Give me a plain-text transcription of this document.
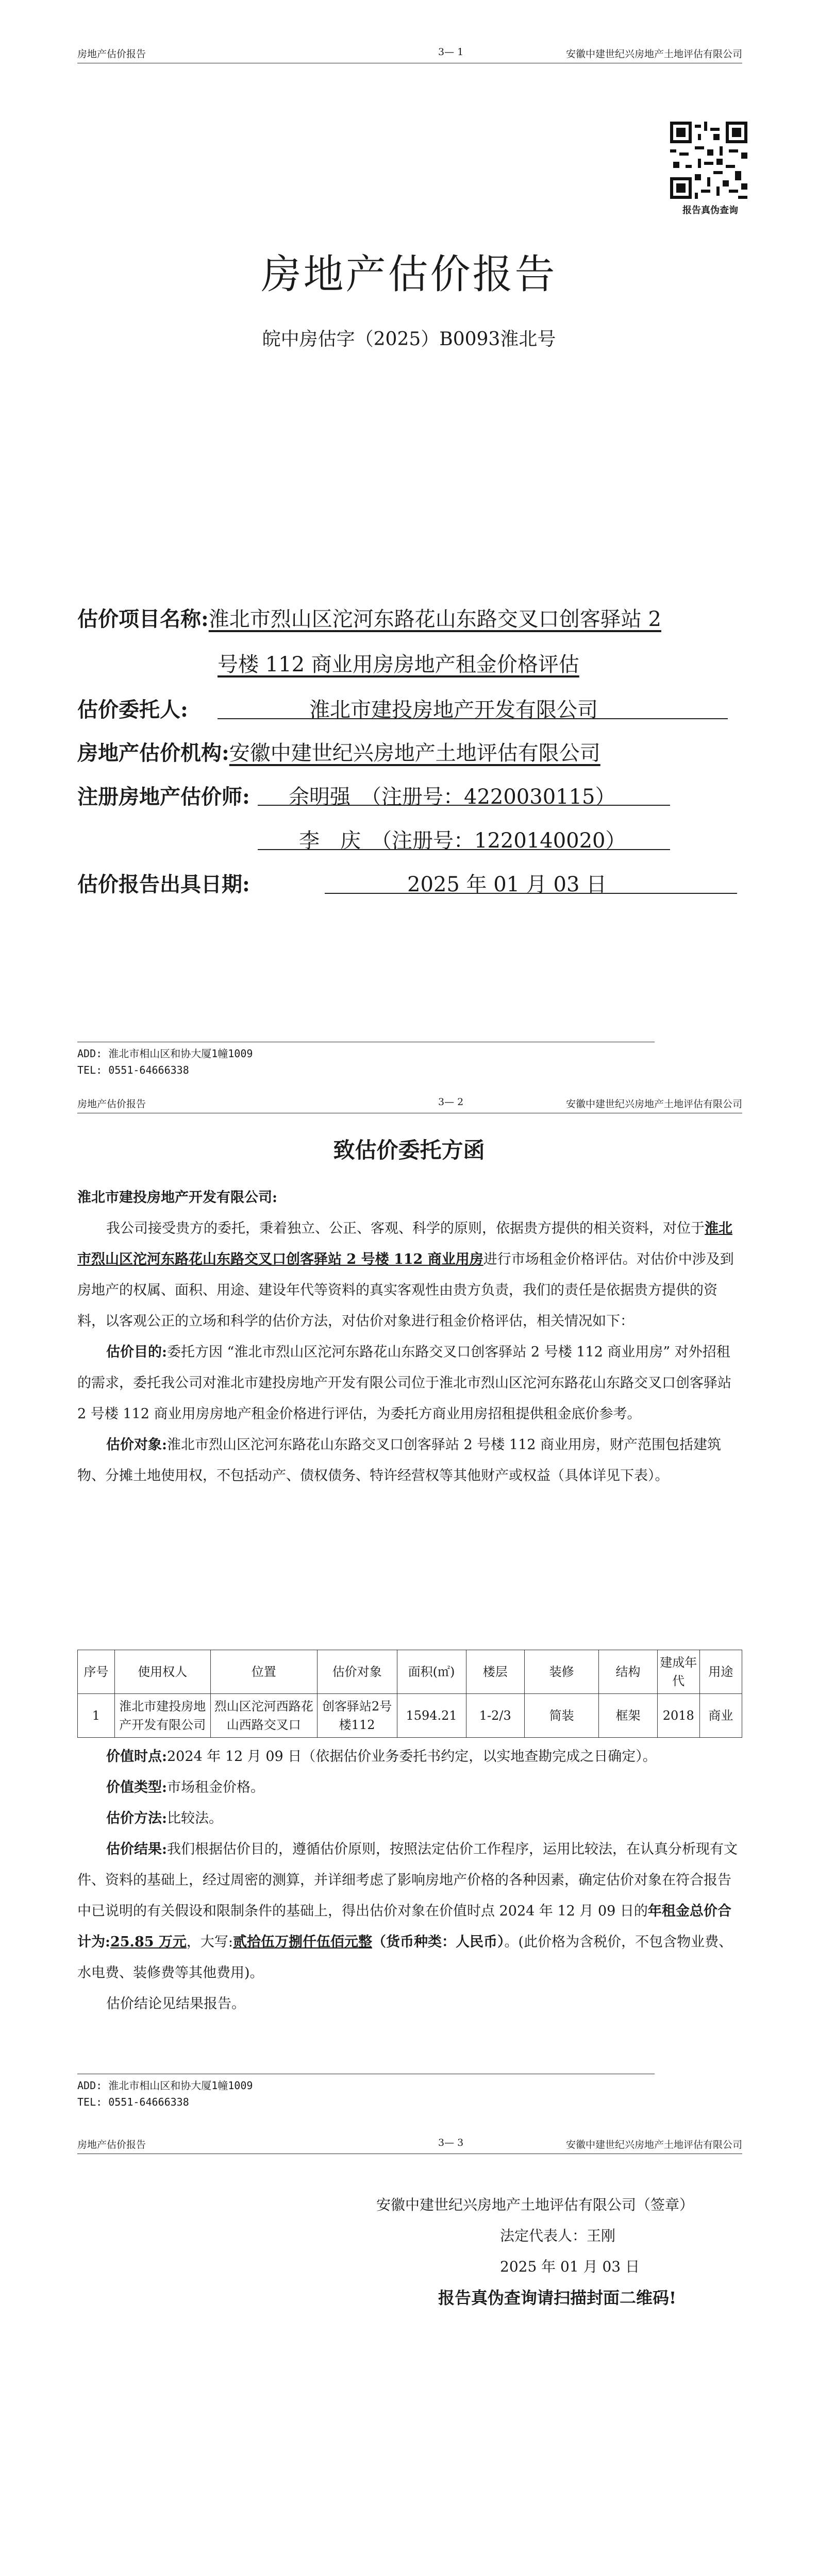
房地产估价报告	3— 1	安徽中建世纪兴房地产土地评估有限公司
报告真伪查询
房地产估价报告
皖中房估字（2025）B0093淮北号
估价项目名称:淮北市烈山区沱河东路花山东路交叉口创客驿站 2
号楼 112 商业用房房地产租金价格评估
估价委托人:	淮北市建投房地产开发有限公司
房地产估价机构:安徽中建世纪兴房地产土地评估有限公司
注册房地产估价师: 余明强　（注册号：4220030115）
李　庆　（注册号：1220140020）
估价报告出具日期:	2025 年 01 月 03 日
ADD: 淮北市相山区和协大厦1幢1009
TEL: 0551-64666338
房地产估价报告	3— 2	安徽中建世纪兴房地产土地评估有限公司
致估价委托方函

淮北市建投房地产开发有限公司:

我公司接受贵方的委托，秉着独立、公正、客观、科学的原则，依据贵方提供的相关资料，对位于淮北市烈山区沱河东路花山东路交叉口创客驿站 2 号楼 112 商业用房进行市场租金价格评估。对估价中涉及到房地产的权属、面积、用途、建设年代等资料的真实客观性由贵方负责，我们的责任是依据贵方提供的资料，以客观公正的立场和科学的估价方法，对估价对象进行租金价格评估，相关情况如下：

估价目的:委托方因 “淮北市烈山区沱河东路花山东路交叉口创客驿站 2 号楼 112 商业用房” 对外招租的需求，委托我公司对淮北市建投房地产开发有限公司位于淮北市烈山区沱河东路花山东路交叉口创客驿站 2 号楼 112 商业用房房地产租金价格进行评估，为委托方商业用房招租提供租金底价参考。

估价对象:淮北市烈山区沱河东路花山东路交叉口创客驿站 2 号楼 112 商业用房，财产范围包括建筑物、分摊土地使用权，不包括动产、债权债务、特许经营权等其他财产或权益（具体详见下表）。

序号	使用权人	位置	估价对象	面积(㎡)	楼层	装修	结构	建成年代	用途
1	淮北市建投房地产开发有限公司	烈山区沱河西路花山西路交叉口	创客驿站2号楼112	1594.21	1-2/3	简装	框架	2018	商业

价值时点:2024 年 12 月 09 日（依据估价业务委托书约定，以实地查勘完成之日确定）。

价值类型:市场租金价格。

估价方法:比较法。

估价结果:我们根据估价目的，遵循估价原则，按照法定估价工作程序，运用比较法，在认真分析现有文件、资料的基础上，经过周密的测算，并详细考虑了影响房地产价格的各种因素，确定估价对象在符合报告中已说明的有关假设和限制条件的基础上，得出估价对象在价值时点 2024 年 12 月 09 日的年租金总价合计为:25.85 万元，大写:贰拾伍万捌仟伍佰元整（货币种类：人民币）。(此价格为含税价，不包含物业费、水电费、装修费等其他费用)。

估价结论见结果报告。

ADD: 淮北市相山区和协大厦1幢1009
TEL: 0551-64666338
房地产估价报告	3— 3	安徽中建世纪兴房地产土地评估有限公司
安徽中建世纪兴房地产土地评估有限公司（签章）
法定代表人：王刚
2025 年 01 月 03 日
报告真伪查询请扫描封面二维码!
